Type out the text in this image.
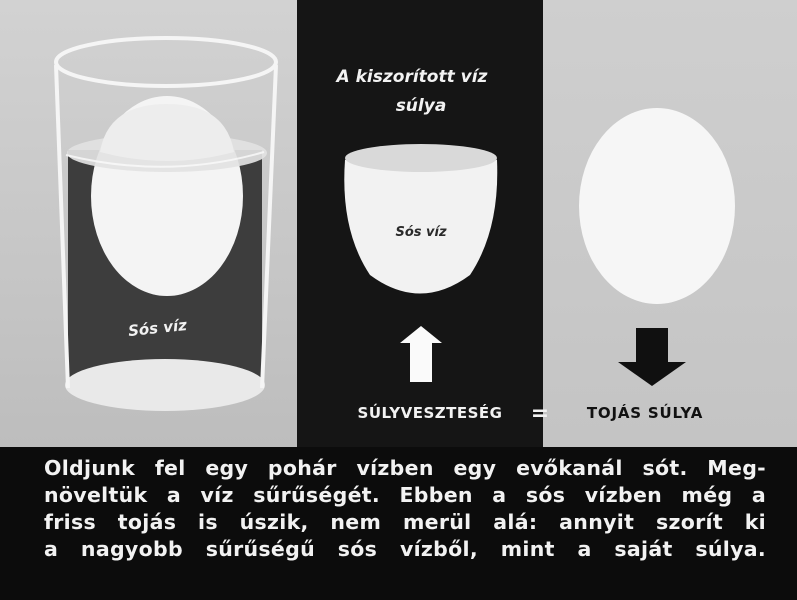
Sós víz
A kiszorított víz
súlya
Sós víz
SÚLYVESZTESÉG =	TOJÁS SÚLYA
Oldjunk fel egy pohár vízben egy evőkanál sót. Meg-
növeltük a víz sűrűségét. Ebben a sós vízben még a
friss tojás is úszik, nem merül alá: annyit szorít ki
a nagyobb sűrűségű sós vízből, mint a saját súlya.
